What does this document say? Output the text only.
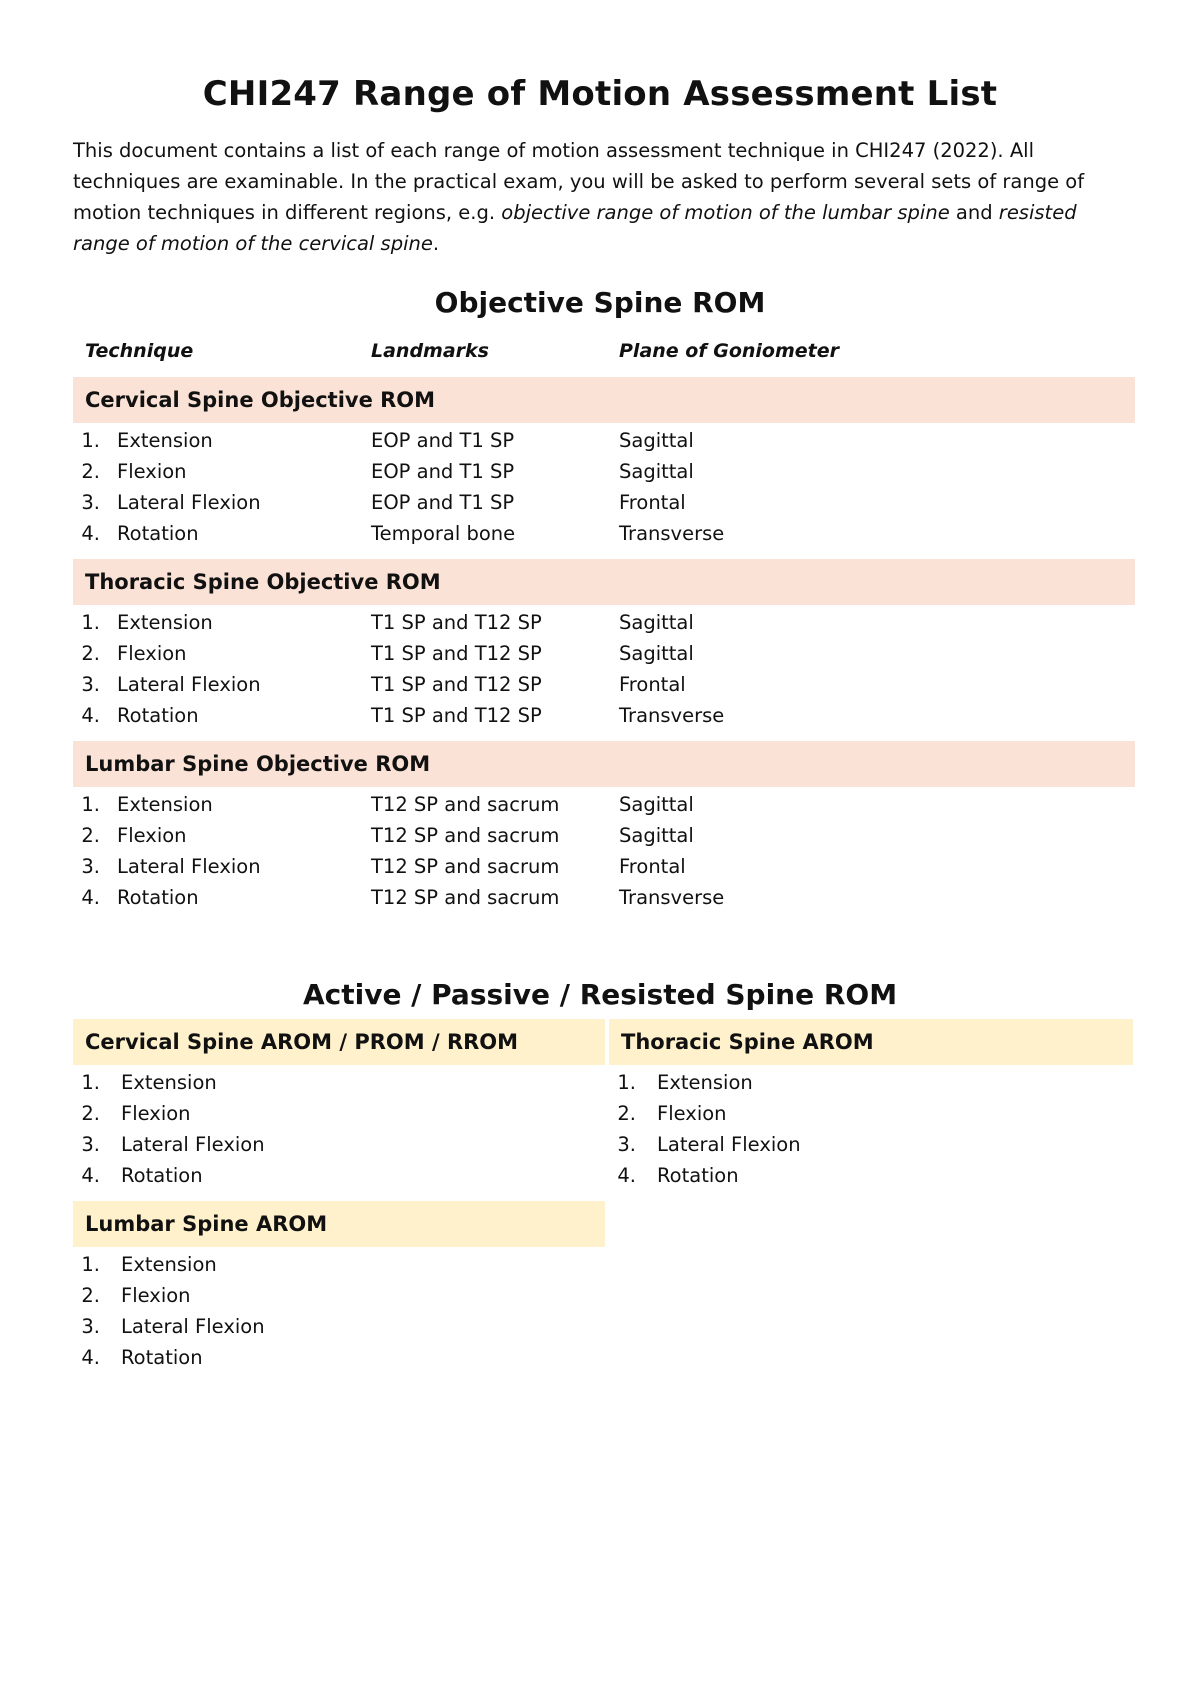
CHI247 Range of Motion Assessment List
This document contains a list of each range of motion assessment technique in CHI247 (2022). All techniques are examinable. In the practical exam, you will be asked to perform several sets of range of motion techniques in different regions, e.g. objective range of motion of the lumbar spine and resisted range of motion of the cervical spine.
Objective Spine ROM
Technique	Landmarks	Plane of Goniometer
Cervical Spine Objective ROM
1. Extension	EOP and T1 SP	Sagittal
2. Flexion	EOP and T1 SP	Sagittal
3. Lateral Flexion	EOP and T1 SP	Frontal
4. Rotation	Temporal bone	Transverse
Thoracic Spine Objective ROM
1. Extension	T1 SP and T12 SP	Sagittal
2. Flexion	T1 SP and T12 SP	Sagittal
3. Lateral Flexion	T1 SP and T12 SP	Frontal
4. Rotation	T1 SP and T12 SP	Transverse
Lumbar Spine Objective ROM
1. Extension	T12 SP and sacrum	Sagittal
2. Flexion	T12 SP and sacrum	Sagittal
3. Lateral Flexion	T12 SP and sacrum	Frontal
4. Rotation	T12 SP and sacrum	Transverse
Active / Passive / Resisted Spine ROM
Cervical Spine AROM / PROM / RROM
1. Extension
2. Flexion
3. Lateral Flexion
4. Rotation
Thoracic Spine AROM
1. Extension
2. Flexion
3. Lateral Flexion
4. Rotation
Lumbar Spine AROM
1. Extension
2. Flexion
3. Lateral Flexion
4. Rotation
